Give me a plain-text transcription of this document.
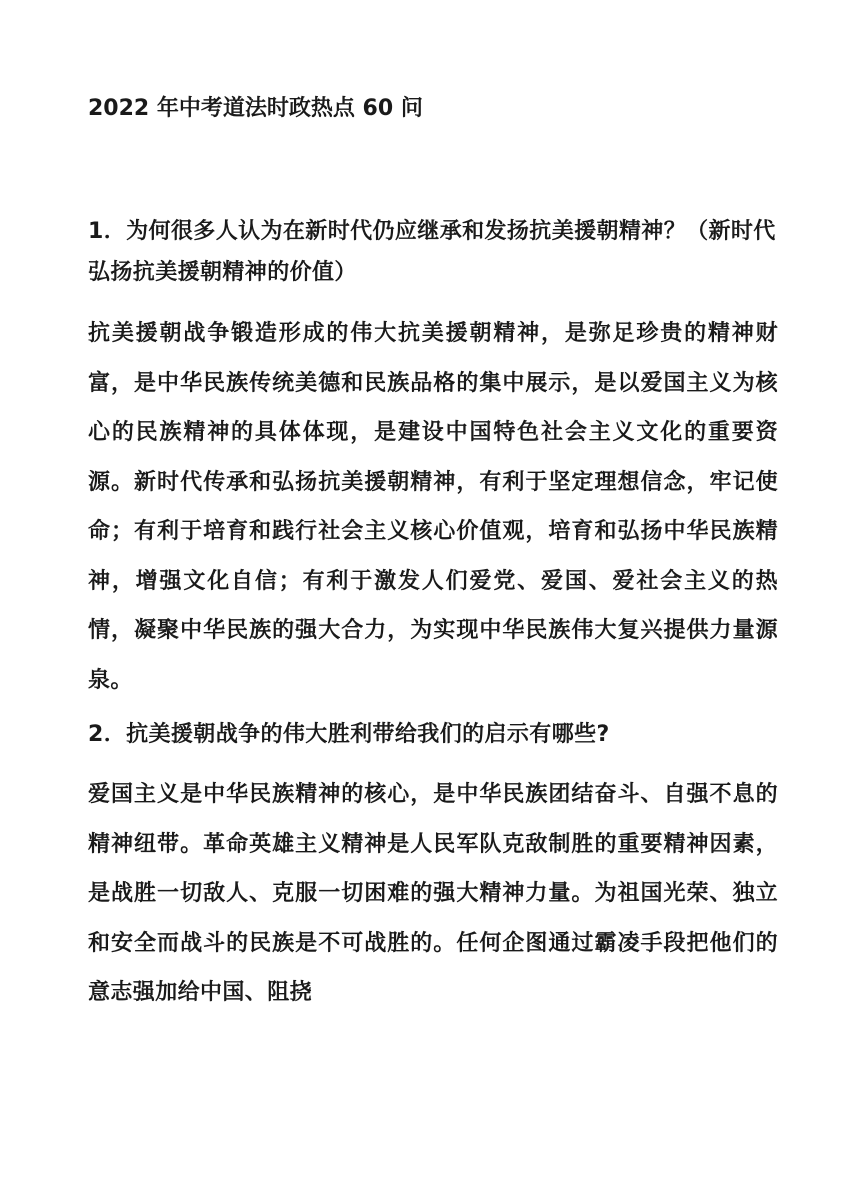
2022 年中考道法时政热点 60 问

1．为何很多人认为在新时代仍应继承和发扬抗美援朝精神？（新时代弘扬抗美援朝精神的价值）

抗美援朝战争锻造形成的伟大抗美援朝精神，是弥足珍贵的精神财富，是中华民族传统美德和民族品格的集中展示，是以爱国主义为核心的民族精神的具体体现，是建设中国特色社会主义文化的重要资源。新时代传承和弘扬抗美援朝精神，有利于坚定理想信念，牢记使命；有利于培育和践行社会主义核心价值观，培育和弘扬中华民族精神，增强文化自信；有利于激发人们爱党、爱国、爱社会主义的热情，凝聚中华民族的强大合力，为实现中华民族伟大复兴提供力量源泉。

2．抗美援朝战争的伟大胜利带给我们的启示有哪些?

爱国主义是中华民族精神的核心，是中华民族团结奋斗、自强不息的精神纽带。革命英雄主义精神是人民军队克敌制胜的重要精神因素，是战胜一切敌人、克服一切困难的强大精神力量。为祖国光荣、独立和安全而战斗的民族是不可战胜的。任何企图通过霸凌手段把他们的意志强加给中国、阻挠
